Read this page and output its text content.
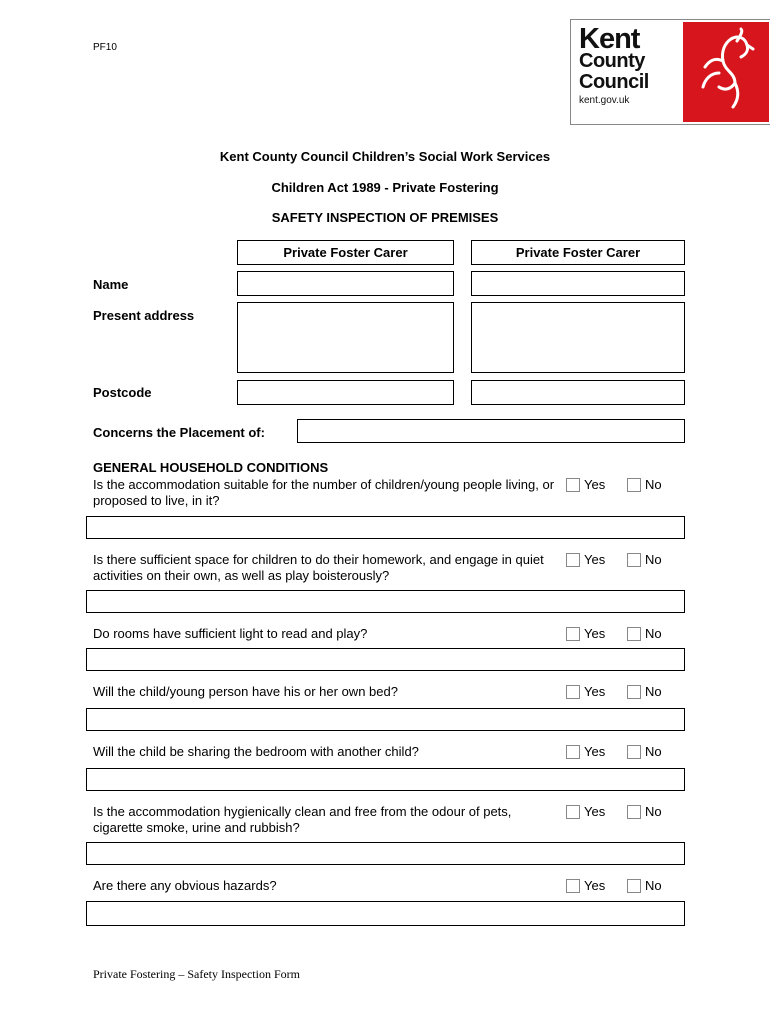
PF10	Kent
County
Council
kent.gov.uk
Kent County Council Children’s Social Work Services
Children Act 1989 - Private Fostering
SAFETY INSPECTION OF PREMISES
Private Foster Carer	Private Foster Carer
Name
Present address
Postcode
Concerns the Placement of:
GENERAL HOUSEHOLD CONDITIONS
Is the accommodation suitable for the number of children/young people living, or proposed to live, in it?
Yes	No
Is there sufficient space for children to do their homework, and engage in quiet activities on their own, as well as play boisterously?
Yes	No
Do rooms have sufficient light to read and play?	Yes	No
Will the child/young person have his or her own bed?	Yes	No
Will the child be sharing the bedroom with another child?	Yes	No
Is the accommodation hygienically clean and free from the odour of pets, cigarette smoke, urine and rubbish?
Yes	No
Are there any obvious hazards?	Yes	No
Private Fostering – Safety Inspection Form
